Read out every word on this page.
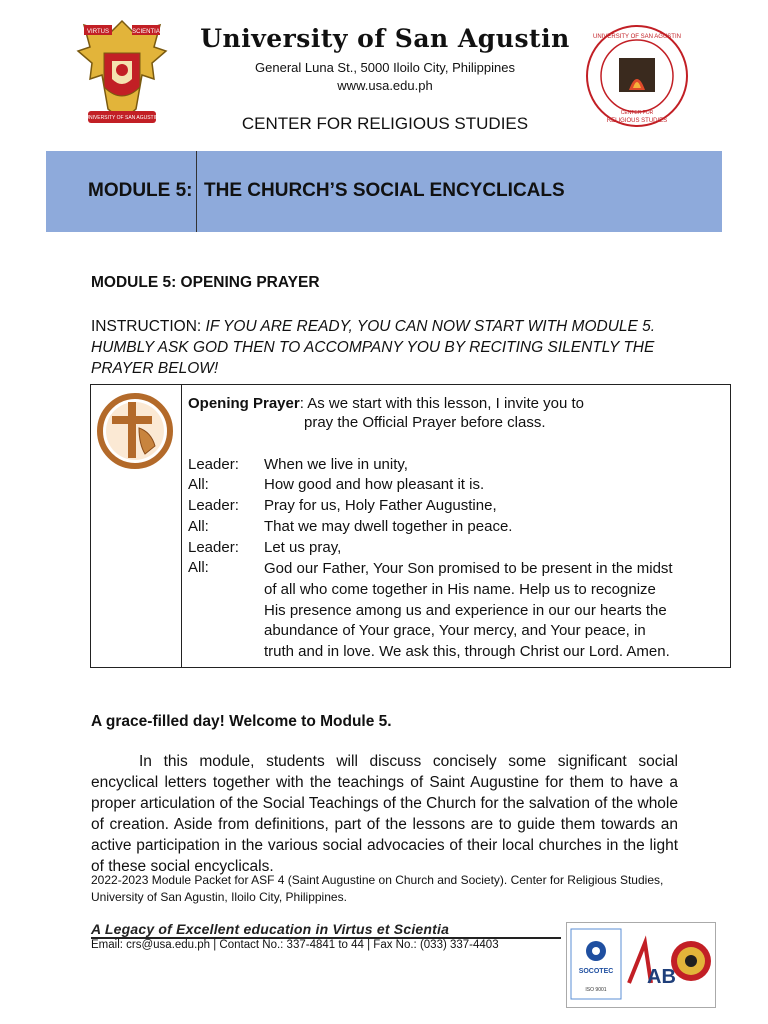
VIRTUS	SCIENTIA
UNIVERSITY OF SAN AGUSTIN
University of San Agustin
General Luna St., 5000 Iloilo City, Philippines
www.usa.edu.ph
UNIVERSITY OF SAN AGUSTIN
RELIGIOUS STUDIES
CENTER FOR
CENTER FOR RELIGIOUS STUDIES
MODULE 5: THE CHURCH’S SOCIAL ENCYCLICALS
MODULE 5: OPENING PRAYER
INSTRUCTION: IF YOU ARE READY, YOU CAN NOW START WITH MODULE 5. HUMBLY ASK GOD THEN TO ACCOMPANY YOU BY RECITING SILENTLY THE PRAYER BELOW!
Opening Prayer: As we start with this lesson, I invite you to
pray the Official Prayer before class.
Leader: When we live in unity,
All:	How good and how pleasant it is.
Leader: Pray for us, Holy Father Augustine,
All:	That we may dwell together in peace.
Leader: Let us pray,
All:	God our Father, Your Son promised to be present in the midst of all who come together in His name. Help us to recognize His presence among us and experience in our our hearts the abundance of Your grace, Your mercy, and Your peace, in truth and in love. We ask this, through Christ our Lord. Amen.
A grace-filled day! Welcome to Module 5.
In this module, students will discuss concisely some significant social encyclical letters together with the teachings of Saint Augustine for them to have a proper articulation of the Social Teachings of the Church for the salvation of the whole of creation. Aside from definitions, part of the lessons are to guide them towards an active participation in the various social advocacies of their local churches in the light of these social encyclicals.
2022-2023 Module Packet for ASF 4 (Saint Augustine on Church and Society). Center for Religious Studies, University of San Agustin, Iloilo City, Philippines.
A Legacy of Excellent education in Virtus et Scientia
Email: crs@usa.edu.ph | Contact No.: 337-4841 to 44 | Fax No.: (033) 337-4403
SOCOTEC
ISO 9001
AB
